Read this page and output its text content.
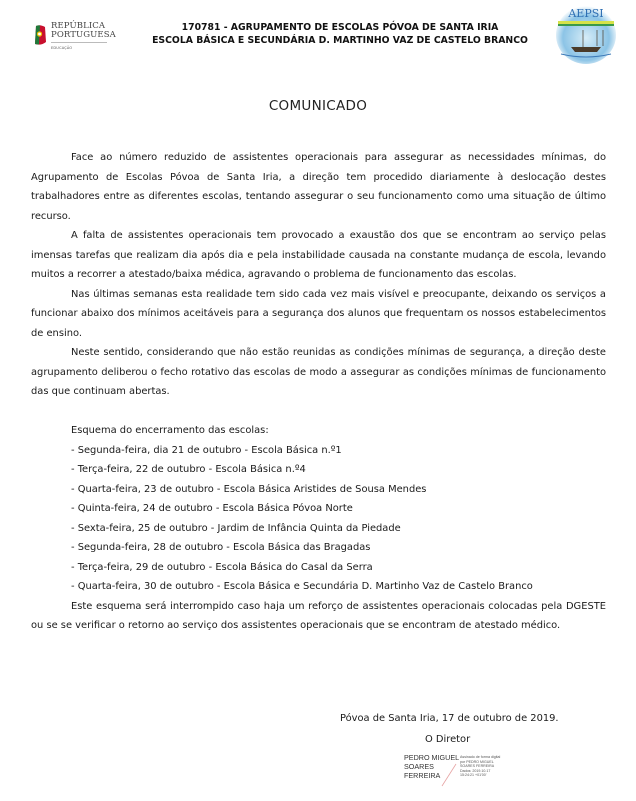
REPÚBLICA
PORTUGUESA
EDUCAÇÃO
170781 - AGRUPAMENTO DE ESCOLAS PÓVOA DE SANTA IRIA
ESCOLA BÁSICA E SECUNDÁRIA D. MARTINHO VAZ DE CASTELO BRANCO
AEPSI
COMUNICADO

Face ao número reduzido de assistentes operacionais para assegurar as necessidades mínimas, do Agrupamento de Escolas Póvoa de Santa Iria, a direção tem procedido diariamente à deslocação destes trabalhadores entre as diferentes escolas, tentando assegurar o seu funcionamento como uma situação de último recurso.

A falta de assistentes operacionais tem provocado a exaustão dos que se encontram ao serviço pelas imensas tarefas que realizam dia após dia e pela instabilidade causada na constante mudança de escola, levando muitos a recorrer a atestado/baixa médica, agravando o problema de funcionamento das escolas.

Nas últimas semanas esta realidade tem sido cada vez mais visível e preocupante, deixando os serviços a funcionar abaixo dos mínimos aceitáveis para a segurança dos alunos que frequentam os nossos estabelecimentos de ensino.

Neste sentido, considerando que não estão reunidas as condições mínimas de segurança, a direção deste agrupamento deliberou o fecho rotativo das escolas de modo a assegurar as condições mínimas de funcionamento das que continuam abertas.

Esquema do encerramento das escolas:

- Segunda-feira, dia 21 de outubro - Escola Básica n.º1

- Terça-feira, 22 de outubro - Escola Básica n.º4

- Quarta-feira, 23 de outubro - Escola Básica Aristides de Sousa Mendes

- Quinta-feira, 24 de outubro - Escola Básica Póvoa Norte

- Sexta-feira, 25 de outubro - Jardim de Infância Quinta da Piedade

- Segunda-feira, 28 de outubro - Escola Básica das Bragadas

- Terça-feira, 29 de outubro - Escola Básica do Casal da Serra

- Quarta-feira, 30 de outubro - Escola Básica e Secundária D. Martinho Vaz de Castelo Branco

Este esquema será interrompido caso haja um reforço de assistentes operacionais colocadas pela DGESTE ou se se verificar o retorno ao serviço dos assistentes operacionais que se encontram de atestado médico.

Póvoa de Santa Iria, 17 de outubro de 2019.
O Diretor
PEDRO MIGUEL
SOARES
FERREIRA
Assinado de forma digital
por PEDRO MIGUEL
SOARES FERREIRA
Dados: 2019.10.17
15:24:21 +01'00'
